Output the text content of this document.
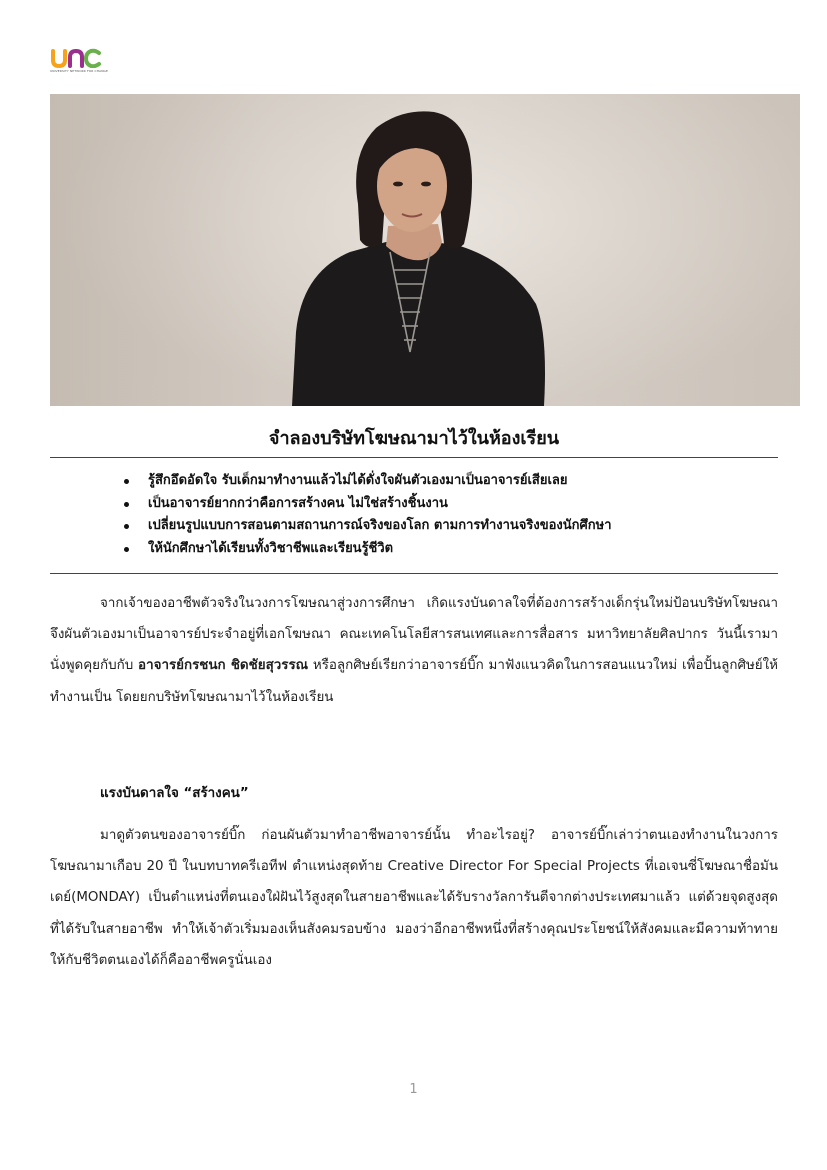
UNIVERSITY NETWORK FOR CHANGE
จำลองบริษัทโฆษณามาไว้ในห้องเรียน
รู้สึกอึดอัดใจ รับเด็กมาทำงานแล้วไม่ได้ดั่งใจผันตัวเองมาเป็นอาจารย์เสียเลย
เป็นอาจารย์ยากกว่าคือการสร้างคน ไม่ใช่สร้างชิ้นงาน
เปลี่ยนรูปแบบการสอนตามสถานการณ์จริงของโลก ตามการทำงานจริงของนักศึกษา
ให้นักศึกษาได้เรียนทั้งวิชาชีพและเรียนรู้ชีวิต
จากเจ้าของอาชีพตัวจริงในวงการโฆษณาสู่วงการศึกษา เกิดแรงบันดาลใจที่ต้องการสร้างเด็กรุ่นใหม่ป้อนบริษัทโฆษณา จึงผันตัวเองมาเป็นอาจารย์ประจำอยู่ที่เอกโฆษณา คณะเทคโนโลยีสารสนเทศและการสื่อสาร มหาวิทยาลัยศิลปากร วันนี้เรามานั่งพูดคุยกับกับ อาจารย์กรชนก ชิดชัยสุวรรณ หรือลูกศิษย์เรียกว่าอาจารย์บิ๊ก มาฟังแนวคิดในการสอนแนวใหม่ เพื่อปั้นลูกศิษย์ให้ทำงานเป็น โดยยกบริษัทโฆษณามาไว้ในห้องเรียน
แรงบันดาลใจ “สร้างคน”
มาดูตัวตนของอาจารย์บิ๊ก ก่อนผันตัวมาทำอาชีพอาจารย์นั้น ทำอะไรอยู่? อาจารย์บิ๊กเล่าว่าตนเองทำงานในวงการโฆษณามาเกือบ 20 ปี ในบทบาทครีเอทีฟ ตำแหน่งสุดท้าย Creative Director For Special Projects ที่เอเจนซี่โฆษณาชื่อมันเดย์(MONDAY) เป็นตำแหน่งที่ตนเองใฝ่ฝันไว้สูงสุดในสายอาชีพและได้รับรางวัลการันตีจากต่างประเทศมาแล้ว แต่ด้วยจุดสูงสุดที่ได้รับในสายอาชีพ ทำให้เจ้าตัวเริ่มมองเห็นสังคมรอบข้าง มองว่าอีกอาชีพหนึ่งที่สร้างคุณประโยชน์ให้สังคมและมีความท้าทายให้กับชีวิตตนเองได้ก็คืออาชีพครูนั่นเอง
1
